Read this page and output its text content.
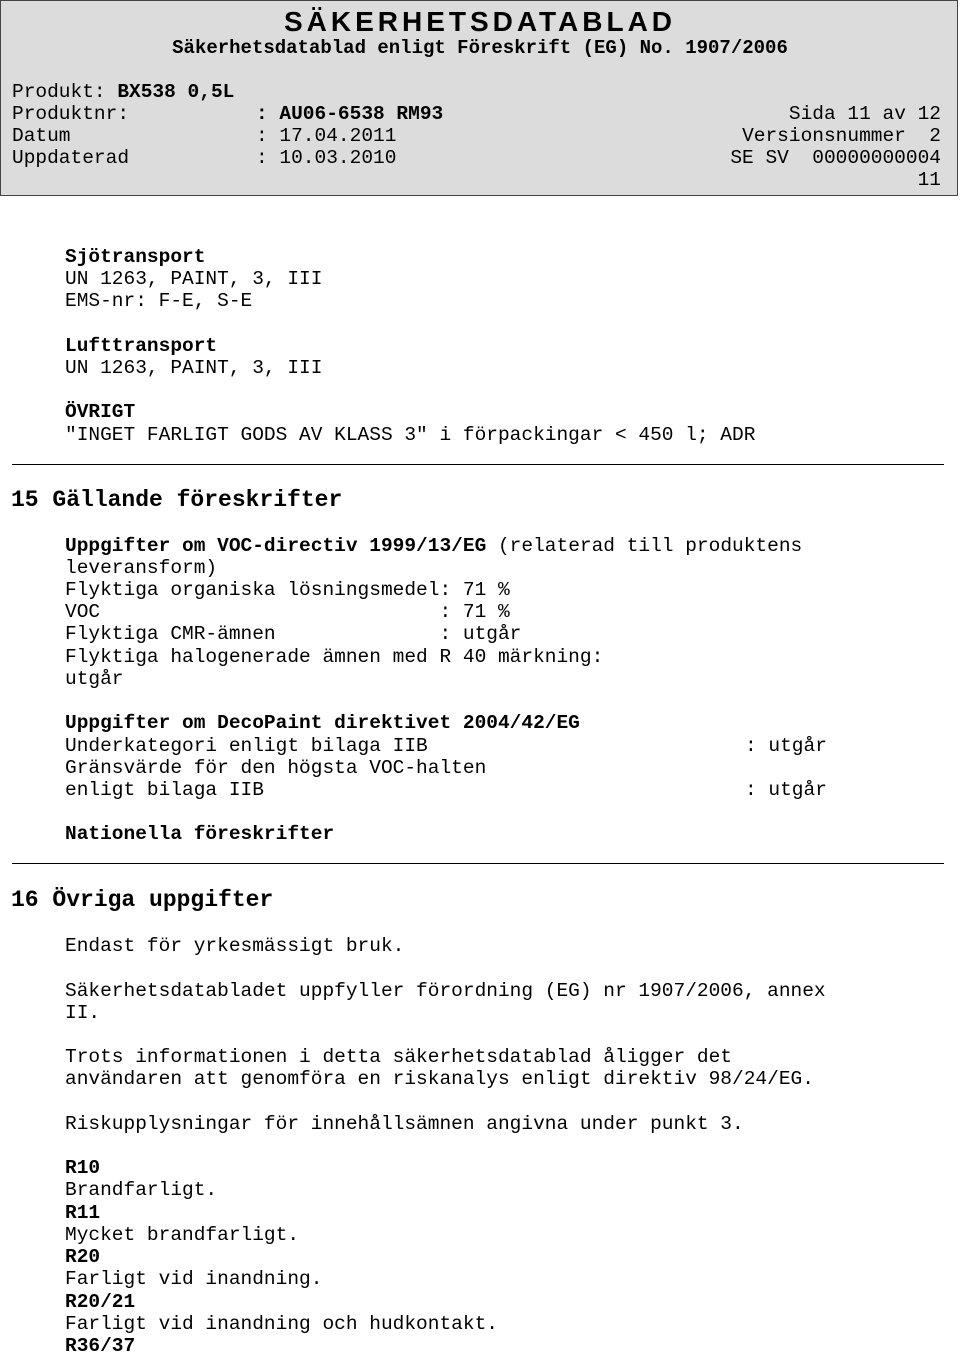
SÄKERHETSDATABLAD
Säkerhetsdatablad enligt Föreskrift (EG) No. 1907/2006
Produkt: BX538 0,5L
Produktnr:	: AU06-6538 RM93	Sida 11 av 12
Datum	: 17.04.2011	Versionsnummer  2
Uppdaterad	: 10.03.2010	SE SV  00000000004
11
Sjötransport
UN 1263, PAINT, 3, III
EMS-nr: F-E, S-E
Lufttransport
UN 1263, PAINT, 3, III
ÖVRIGT
"INGET FARLIGT GODS AV KLASS 3" i förpackingar < 450 l; ADR
15 Gällande föreskrifter
Uppgifter om VOC-directiv 1999/13/EG (relaterad till produktens
leveransform)
Flyktiga organiska lösningsmedel: 71 %
VOC                             : 71 %
Flyktiga CMR-ämnen              : utgår
Flyktiga halogenerade ämnen med R 40 märkning:
utgår
Uppgifter om DecoPaint direktivet 2004/42/EG
Underkategori enligt bilaga IIB	: utgår
Gränsvärde för den högsta VOC-halten
enligt bilaga IIB	: utgår
Nationella föreskrifter
16 Övriga uppgifter
Endast för yrkesmässigt bruk.
Säkerhetsdatabladet uppfyller förordning (EG) nr 1907/2006, annex
II.
Trots informationen i detta säkerhetsdatablad åligger det
användaren att genomföra en riskanalys enligt direktiv 98/24/EG.
Riskupplysningar för innehållsämnen angivna under punkt 3.
R10
Brandfarligt.
R11
Mycket brandfarligt.
R20
Farligt vid inandning.
R20/21
Farligt vid inandning och hudkontakt.
R36/37
